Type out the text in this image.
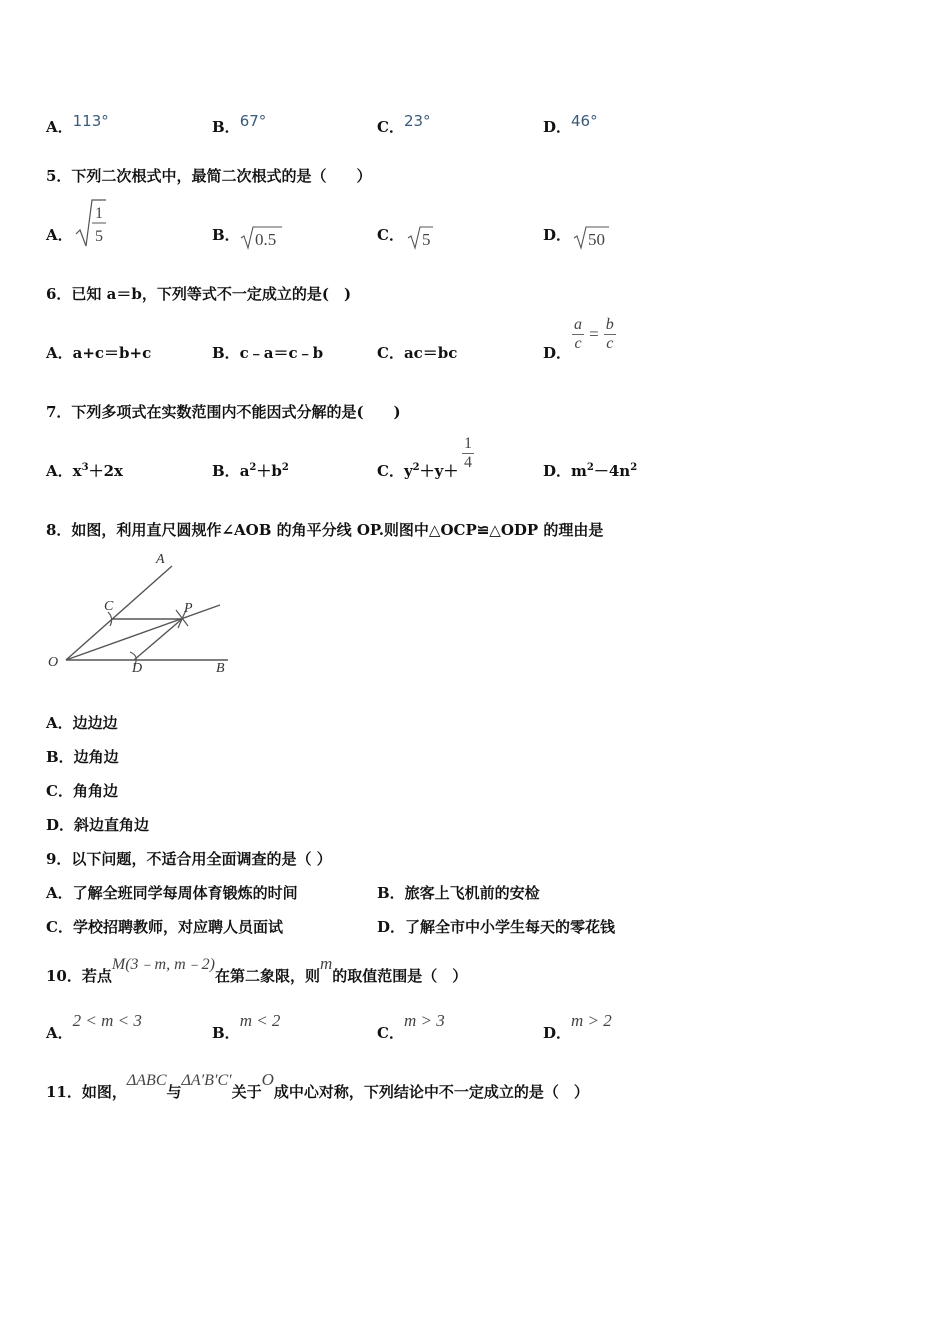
A．113°	B．67°	C．23°	D．46°
5．下列二次根式中，最简二次根式的是（　　）
A．
1
5	B． 0.5	C． 5	D． 50
6．已知 a＝b，下列等式不一定成立的是(　)
A．a+c＝b+c	B．c﹣a＝c﹣b	C．ac＝bc	D． $\frac{a}{c} = \frac{b}{c}$
7．下列多项式在实数范围内不能因式分解的是(　　)
A．$x^3+2x$	B．$a^2+b^2$	C．$y^2+y+ \frac{1}{4}$	D．$m^2-4n^2$
8．如图，利用直尺圆规作∠AOB 的角平分线 OP.则图中△OCP≌△ODP 的理由是
A
B
C
D
O
P
A．边边边
B．边角边
C．角角边
D．斜边直角边
9．以下问题，不适合用全面调查的是（ ）
A．了解全班同学每周体育锻炼的时间	B．旅客上飞机前的安检
C．学校招聘教师，对应聘人员面试	D．了解全市中小学生每天的零花钱
10．若点M(3﹣m, m﹣2)在第二象限，则m的取值范围是（　）
A．2 < m < 3
B．m < 2
C．m > 3
D．m > 2
11．如图，ΔABC与ΔA′B′C′关于O成中心对称，下列结论中不一定成立的是（　）
